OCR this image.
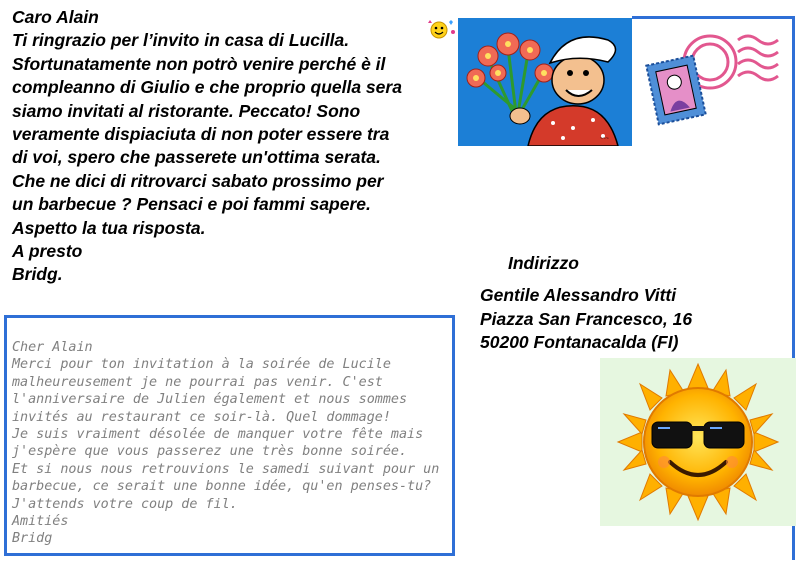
Caro Alain
Ti ringrazio per l’invito in casa di Lucilla.
Sfortunatamente non potrò venire perché è il
compleanno di Giulio e che proprio quella sera
siamo invitati al ristorante. Peccato! Sono
veramente dispiaciuta di non poter essere tra
di voi, spero che passerete un'ottima serata.
Che ne dici di ritrovarci sabato prossimo per
un barbecue ? Pensaci e poi fammi sapere.
Aspetto la tua risposta.
A presto
Bridg.
~~~
Indirizzo
Gentile Alessandro Vitti
Piazza San Francesco, 16
50200 Fontanacalda (FI)
Cher Alain
Merci pour ton invitation à la soirée de Lucile
malheureusement je ne pourrai pas venir. C'est
l'anniversaire de Julien également et nous sommes
invités au restaurant ce soir-là. Quel dommage!
Je suis vraiment désolée de manquer votre fête mais
j'espère que vous passerez une très bonne soirée.
Et si nous nous retrouvions le samedi suivant pour un
barbecue, ce serait une bonne idée, qu'en penses-tu?
J'attends votre coup de fil.
Amitiés
Bridg
